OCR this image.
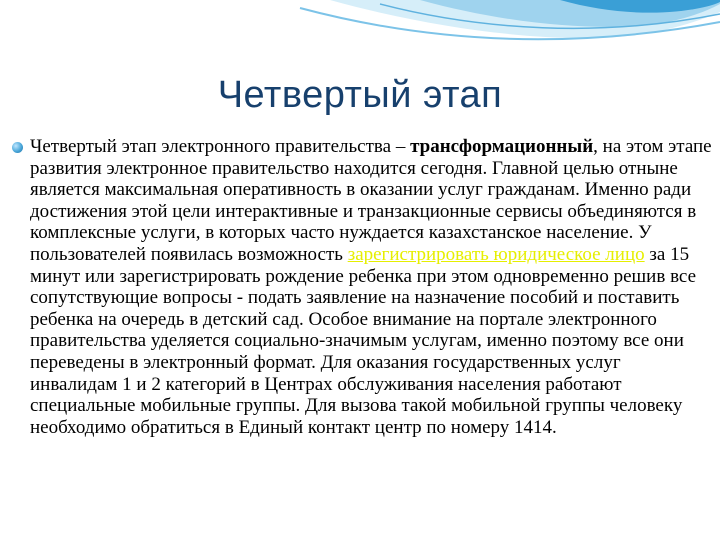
Четвертый этап
Четвертый этап электронного правительства – трансформационный, на этом этапе развития электронное правительство находится сегодня. Главной целью отныне является максимальная оперативность в оказании услуг гражданам. Именно ради достижения этой цели интерактивные и транзакционные сервисы объединяются в комплексные услуги, в которых часто нуждается казахстанское население. У пользователей появилась возможность зарегистрировать юридическое лицо за 15 минут или зарегистрировать рождение ребенка при этом одновременно решив все сопутствующие вопросы - подать заявление на назначение пособий и поставить ребенка на очередь в детский сад. Особое внимание на портале электронного правительства уделяется социально-значимым услугам, именно поэтому все они переведены в электронный формат. Для оказания государственных услуг инвалидам 1 и 2 категорий в Центрах обслуживания населения работают специальные мобильные группы. Для вызова такой мобильной группы человеку необходимо обратиться в Единый контакт центр по номеру 1414.
